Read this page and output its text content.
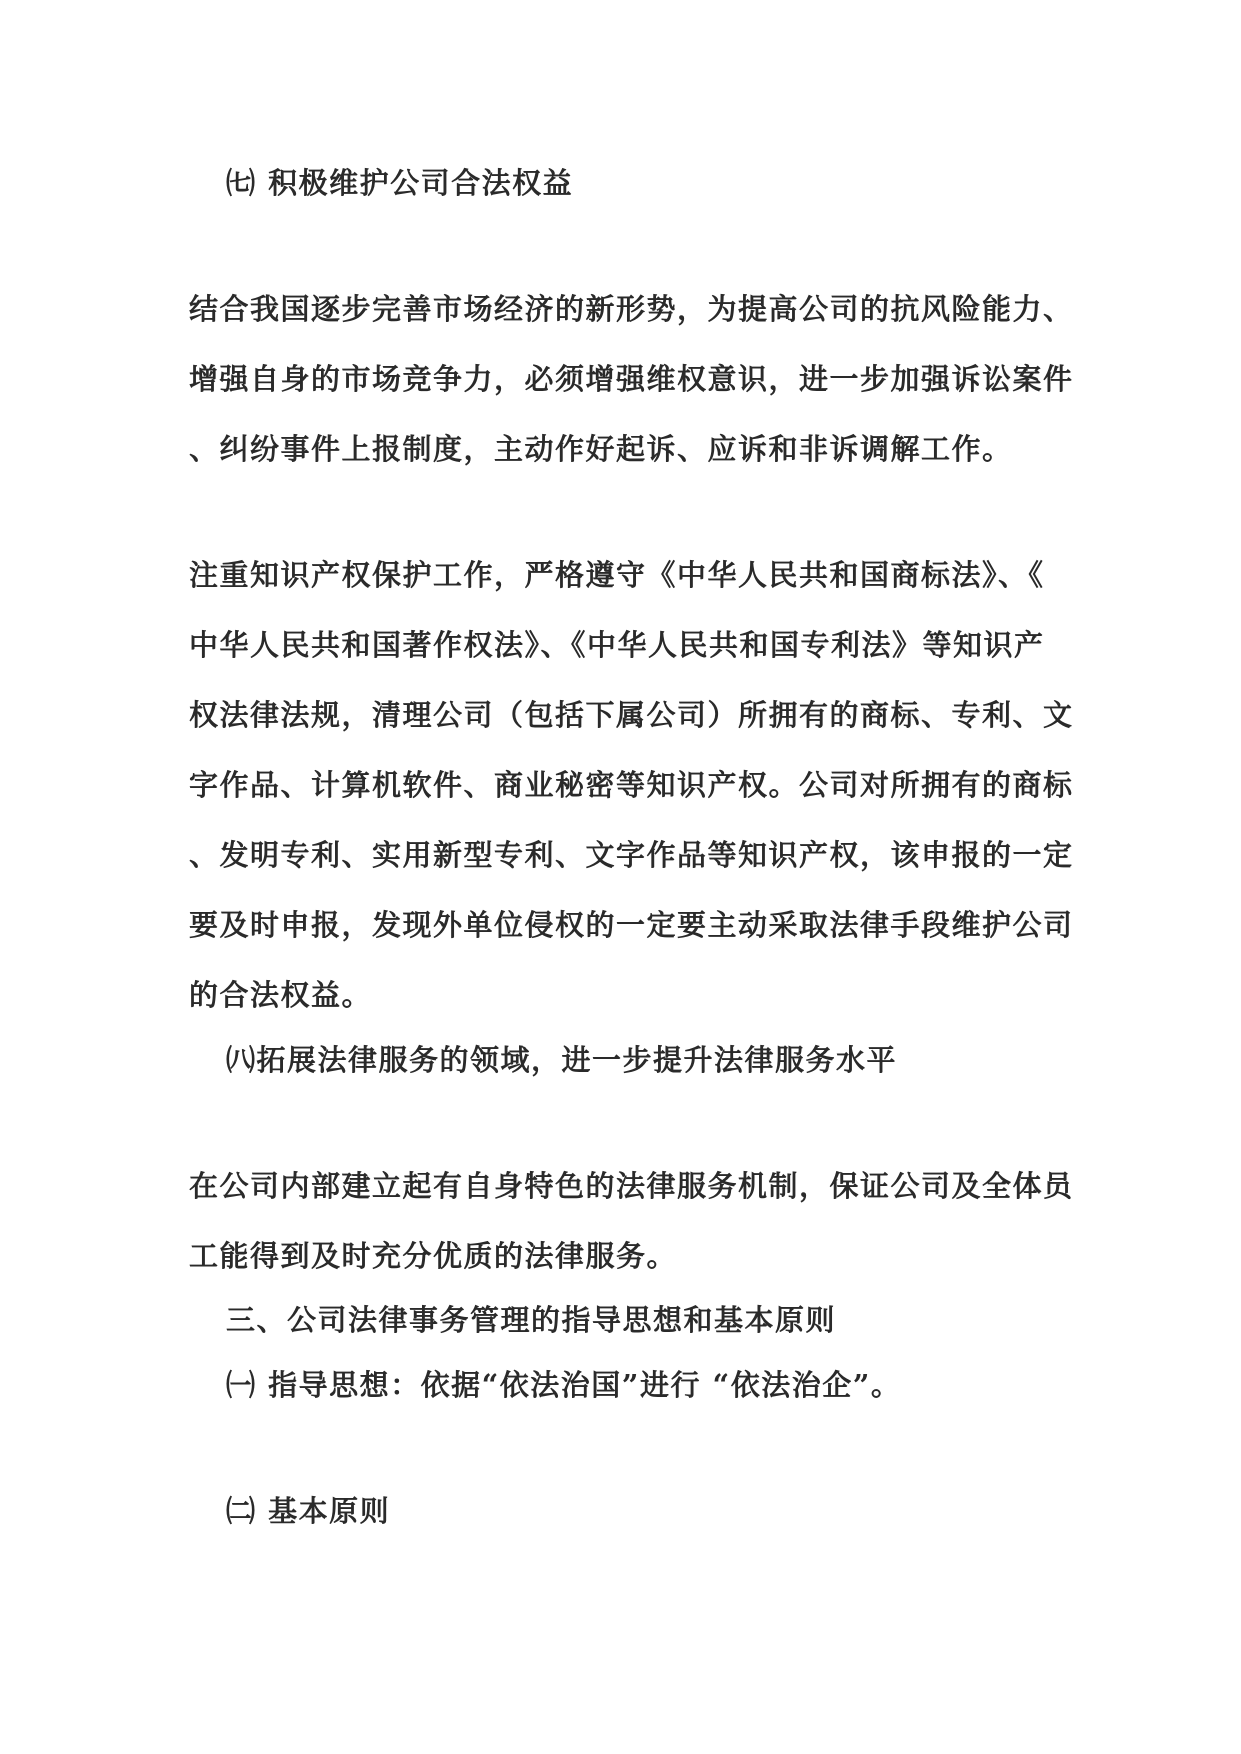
㈦ 积极维护公司合法权益
结合我国逐步完善市场经济的新形势，为提高公司的抗风险能力、
增强自身的市场竞争力，必须增强维权意识，进一步加强诉讼案件
、纠纷事件上报制度，主动作好起诉、应诉和非诉调解工作。
注重知识产权保护工作，严格遵守《中华人民共和国商标法》、《
中华人民共和国著作权法》、《中华人民共和国专利法》等知识产
权法律法规，清理公司（包括下属公司）所拥有的商标、专利、文
字作品、计算机软件、商业秘密等知识产权。公司对所拥有的商标
、发明专利、实用新型专利、文字作品等知识产权，该申报的一定
要及时申报，发现外单位侵权的一定要主动采取法律手段维护公司
的合法权益。
㈧拓展法律服务的领域，进一步提升法律服务水平
在公司内部建立起有自身特色的法律服务机制，保证公司及全体员
工能得到及时充分优质的法律服务。
三、公司法律事务管理的指导思想和基本原则
㈠ 指导思想：依据“依法治国”进行 “依法治企”。
㈡ 基本原则
